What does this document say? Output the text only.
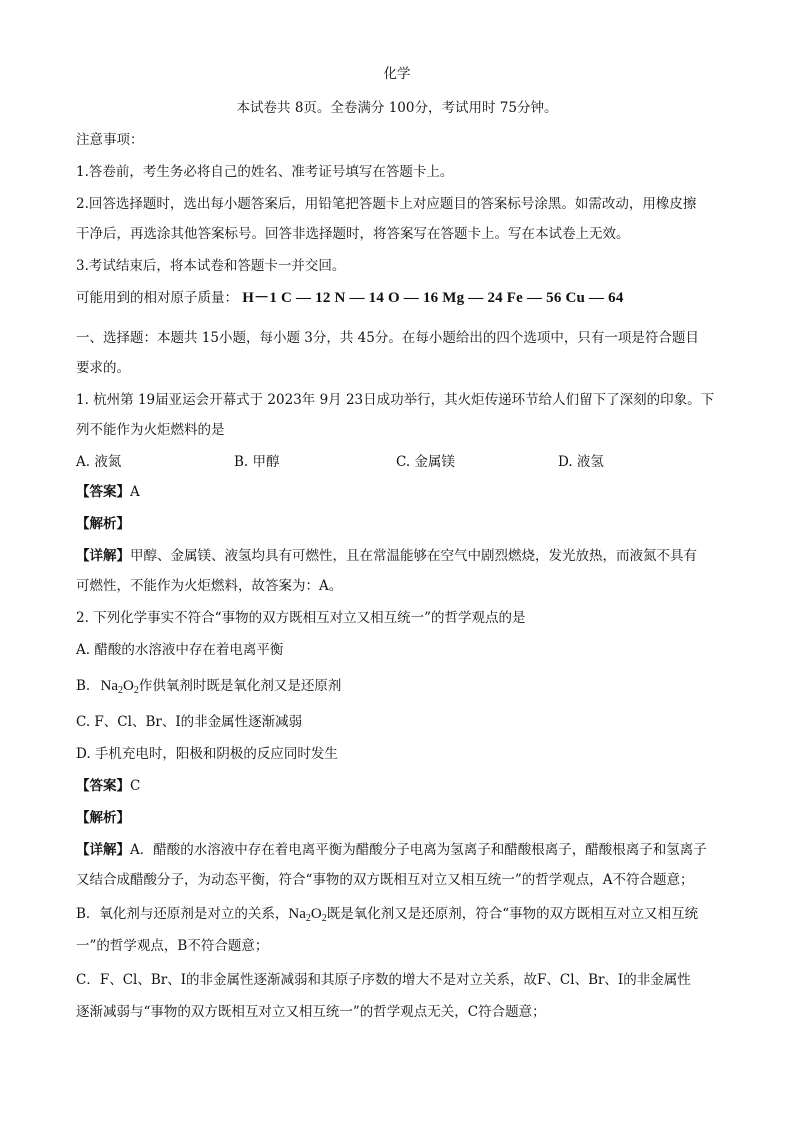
化学
本试卷共 8页。全卷满分 100分，考试用时 75分钟。
注意事项：
1.答卷前，考生务必将自己的姓名、准考证号填写在答题卡上。
2.回答选择题时，选出每小题答案后，用铅笔把答题卡上对应题目的答案标号涂黑。如需改动，用橡皮擦
干净后，再选涂其他答案标号。回答非选择题时，将答案写在答题卡上。写在本试卷上无效。
3.考试结束后，将本试卷和答题卡一并交回。
可能用到的相对原子质量： H－1 C — 12 N — 14 O — 16 Mg — 24 Fe — 56 Cu — 64
一、选择题：本题共 15小题，每小题 3分，共 45分。在每小题给出的四个选项中，只有一项是符合题目
要求的。
1. 杭州第 19届亚运会开幕式于 2023年 9月 23日成功举行，其火炬传递环节给人们留下了深刻的印象。下
列不能作为火炬燃料的是
A. 液氮	B. 甲醇	C. 金属镁	D. 液氢
【答案】A
【解析】
【详解】甲醇、金属镁、液氢均具有可燃性，且在常温能够在空气中剧烈燃烧，发光放热，而液氮不具有
可燃性，不能作为火炬燃料，故答案为：A。
2. 下列化学事实不符合“事物的双方既相互对立又相互统一”的哲学观点的是
A. 醋酸的水溶液中存在着电离平衡
B. $Na_2O_2$作供氧剂时既是氧化剂又是还原剂
C. F、Cl、Br、I的非金属性逐渐减弱
D. 手机充电时，阳极和阴极的反应同时发生
【答案】C
【解析】
【详解】A．醋酸的水溶液中存在着电离平衡为醋酸分子电离为氢离子和醋酸根离子，醋酸根离子和氢离子
又结合成醋酸分子，为动态平衡，符合“事物的双方既相互对立又相互统一”的哲学观点，A不符合题意；
B．氧化剂与还原剂是对立的关系，$Na_2O_2$既是氧化剂又是还原剂，符合“事物的双方既相互对立又相互统
一”的哲学观点，B不符合题意；
C．F、Cl、Br、I的非金属性逐渐减弱和其原子序数的增大不是对立关系，故F、Cl、Br、I的非金属性
逐渐减弱与“事物的双方既相互对立又相互统一”的哲学观点无关，C符合题意；
